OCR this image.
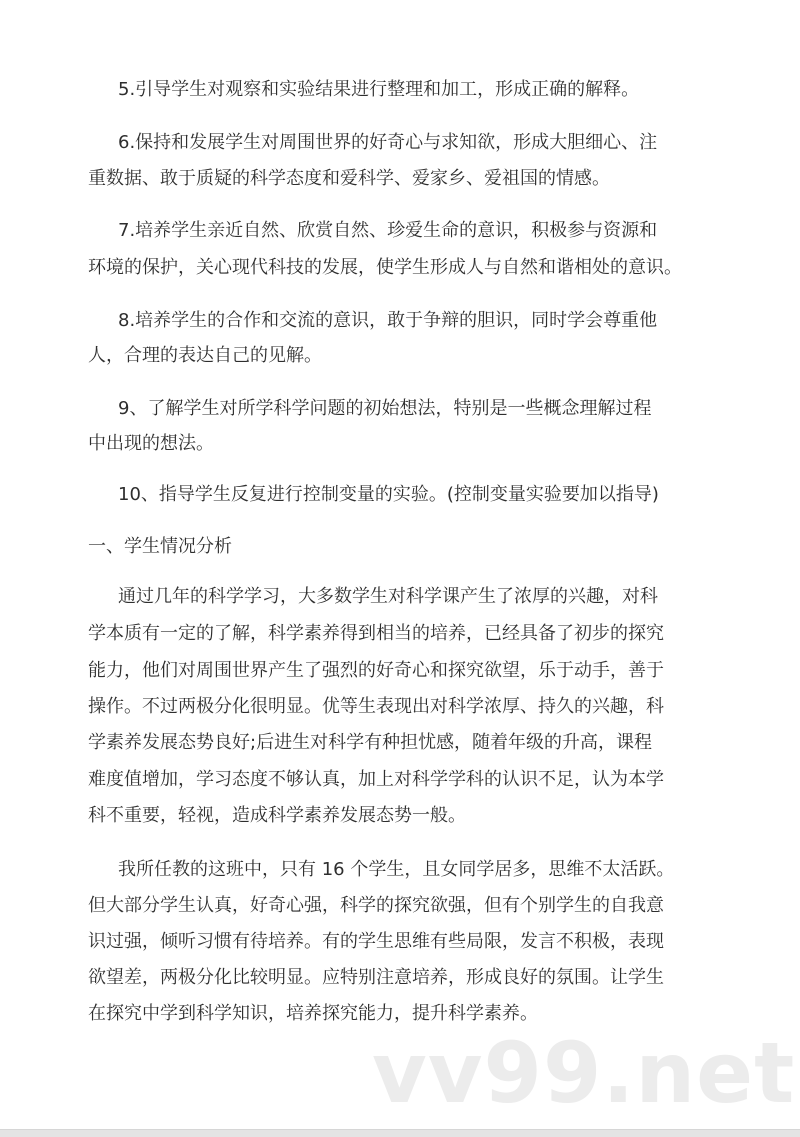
vv99.net
5.引导学生对观察和实验结果进行整理和加工，形成正确的解释。
6.保持和发展学生对周围世界的好奇心与求知欲，形成大胆细心、注
重数据、敢于质疑的科学态度和爱科学、爱家乡、爱祖国的情感。
7.培养学生亲近自然、欣赏自然、珍爱生命的意识，积极参与资源和
环境的保护，关心现代科技的发展，使学生形成人与自然和谐相处的意识。
8.培养学生的合作和交流的意识，敢于争辩的胆识，同时学会尊重他
人，合理的表达自己的见解。
9、了解学生对所学科学问题的初始想法，特别是一些概念理解过程
中出现的想法。
10、指导学生反复进行控制变量的实验。(控制变量实验要加以指导)
一、学生情况分析
通过几年的科学学习，大多数学生对科学课产生了浓厚的兴趣，对科
学本质有一定的了解，科学素养得到相当的培养，已经具备了初步的探究
能力，他们对周围世界产生了强烈的好奇心和探究欲望，乐于动手，善于
操作。不过两极分化很明显。优等生表现出对科学浓厚、持久的兴趣，科
学素养发展态势良好;后进生对科学有种担忧感，随着年级的升高，课程
难度值增加，学习态度不够认真，加上对科学学科的认识不足，认为本学
科不重要，轻视，造成科学素养发展态势一般。
我所任教的这班中，只有 16 个学生，且女同学居多，思维不太活跃。
但大部分学生认真，好奇心强，科学的探究欲强，但有个别学生的自我意
识过强，倾听习惯有待培养。有的学生思维有些局限，发言不积极，表现
欲望差，两极分化比较明显。应特别注意培养，形成良好的氛围。让学生
在探究中学到科学知识，培养探究能力，提升科学素养。
